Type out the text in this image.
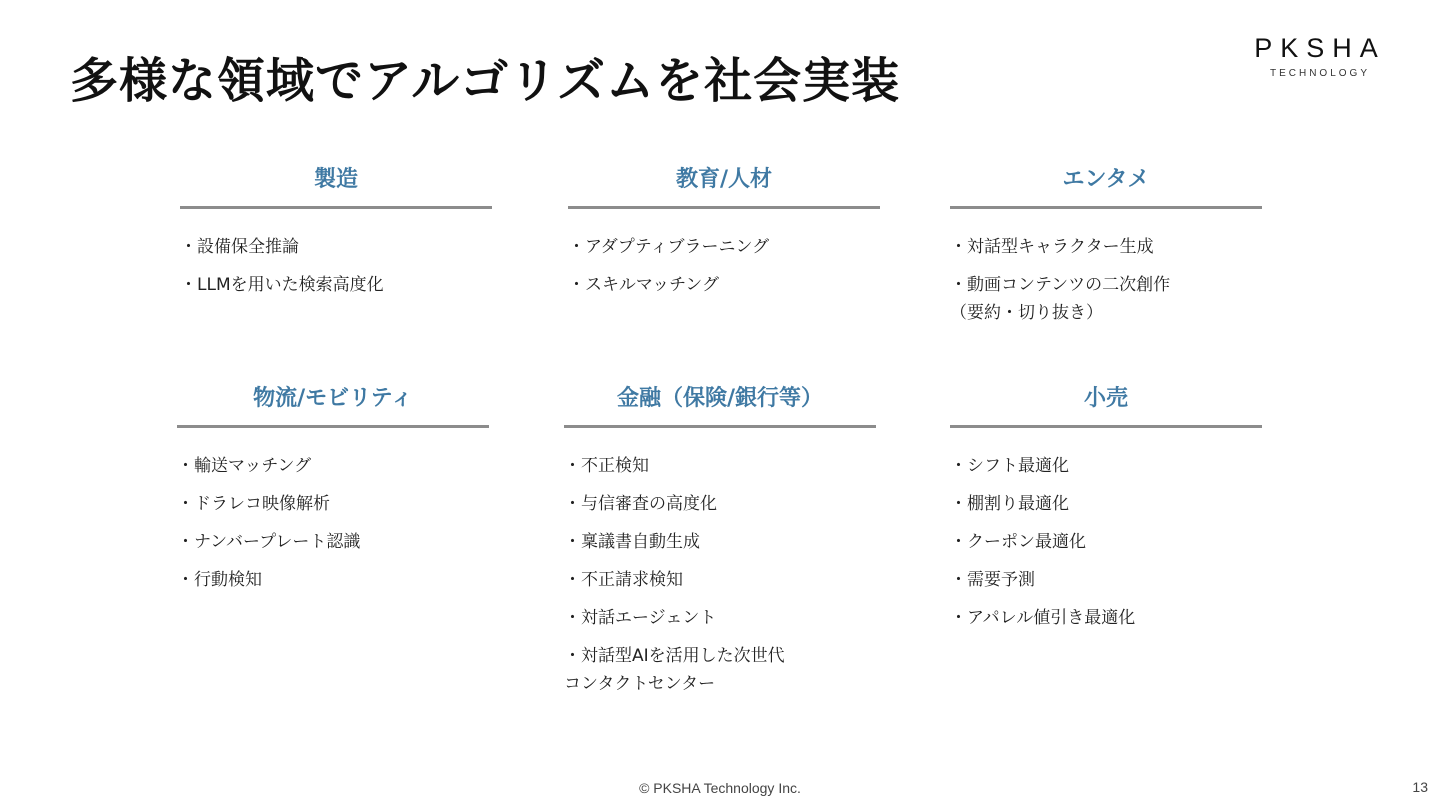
多様な領域でアルゴリズムを社会実装
PKSHA
TECHNOLOGY
製造
・設備保全推論
・LLMを用いた検索高度化
教育/人材
・アダプティブラーニング
・スキルマッチング
エンタメ
・対話型キャラクター生成
・動画コンテンツの二次創作
（要約・切り抜き）
物流/モビリティ
・輸送マッチング
・ドラレコ映像解析
・ナンバープレート認識
・行動検知
金融（保険/銀行等）
・不正検知
・与信審査の高度化
・稟議書自動生成
・不正請求検知
・対話エージェント
・対話型AIを活用した次世代
コンタクトセンター
小売
・シフト最適化
・棚割り最適化
・クーポン最適化
・需要予測
・アパレル値引き最適化
© PKSHA Technology Inc.	13
